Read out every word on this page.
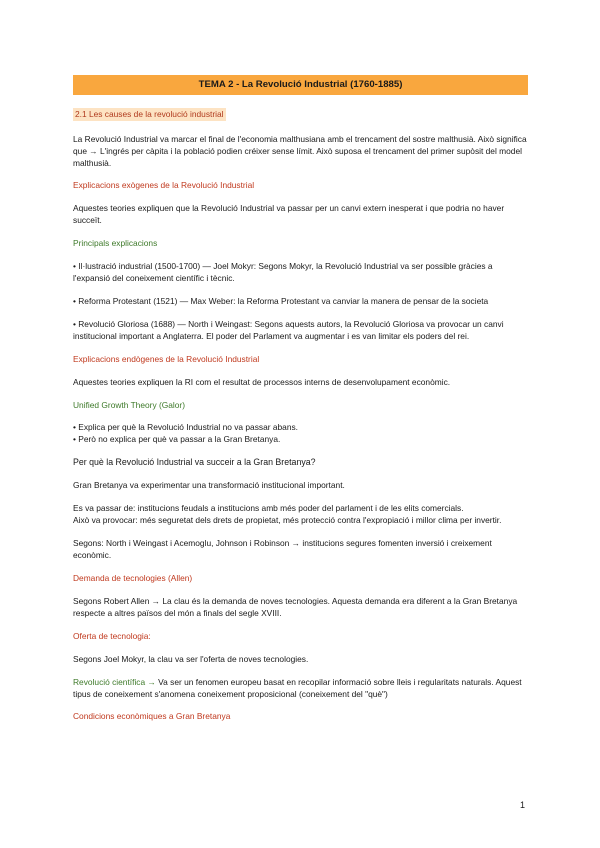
TEMA 2 - La Revolució Industrial (1760-1885)
2.1 Les causes de la revolució industrial

La Revolució Industrial va marcar el final de l'economia malthusiana amb el trencament del sostre malthusià. Això significa que → L'ingrés per càpita i la població podien créixer sense límit. Això suposa el trencament del primer supòsit del model malthusià.

Explicacions exògenes de la Revolució Industrial

Aquestes teories expliquen que la Revolució Industrial va passar per un canvi extern inesperat i que podria no haver succeït.

Principals explicacions

• Il·lustració industrial (1500-1700) — Joel Mokyr: Segons Mokyr, la Revolució Industrial va ser possible gràcies a l'expansió del coneixement científic i tècnic.

• Reforma Protestant (1521) — Max Weber: la Reforma Protestant va canviar la manera de pensar de la societa

• Revolució Gloriosa (1688) — North i Weingast: Segons aquests autors, la Revolució Gloriosa va provocar un canvi institucional important a Anglaterra. El poder del Parlament va augmentar i es van limitar els poders del rei.

Explicacions endògenes de la Revolució Industrial

Aquestes teories expliquen la RI com el resultat de processos interns de desenvolupament econòmic.

Unified Growth Theory (Galor)

• Explica per què la Revolució Industrial no va passar abans.

• Però no explica per què va passar a la Gran Bretanya.

Per què la Revolució Industrial va succeir a la Gran Bretanya?

Gran Bretanya va experimentar una transformació institucional important.

Es va passar de: institucions feudals a institucions amb més poder del parlament i de les elits comercials.

Això va provocar: més seguretat dels drets de propietat, més protecció contra l'expropiació i millor clima per invertir.

Segons: North i Weingast i Acemoglu, Johnson i Robinson → institucions segures fomenten inversió i creixement econòmic.

Demanda de tecnologies (Allen)

Segons Robert Allen → La clau és la demanda de noves tecnologies. Aquesta demanda era diferent a la Gran Bretanya respecte a altres països del món a finals del segle XVIII.

Oferta de tecnologia:

Segons Joel Mokyr, la clau va ser l'oferta de noves tecnologies.

Revolució científica → Va ser un fenomen europeu basat en recopilar informació sobre lleis i regularitats naturals. Aquest tipus de coneixement s'anomena coneixement proposicional (coneixement del "què")

Condicions econòmiques a Gran Bretanya
1
